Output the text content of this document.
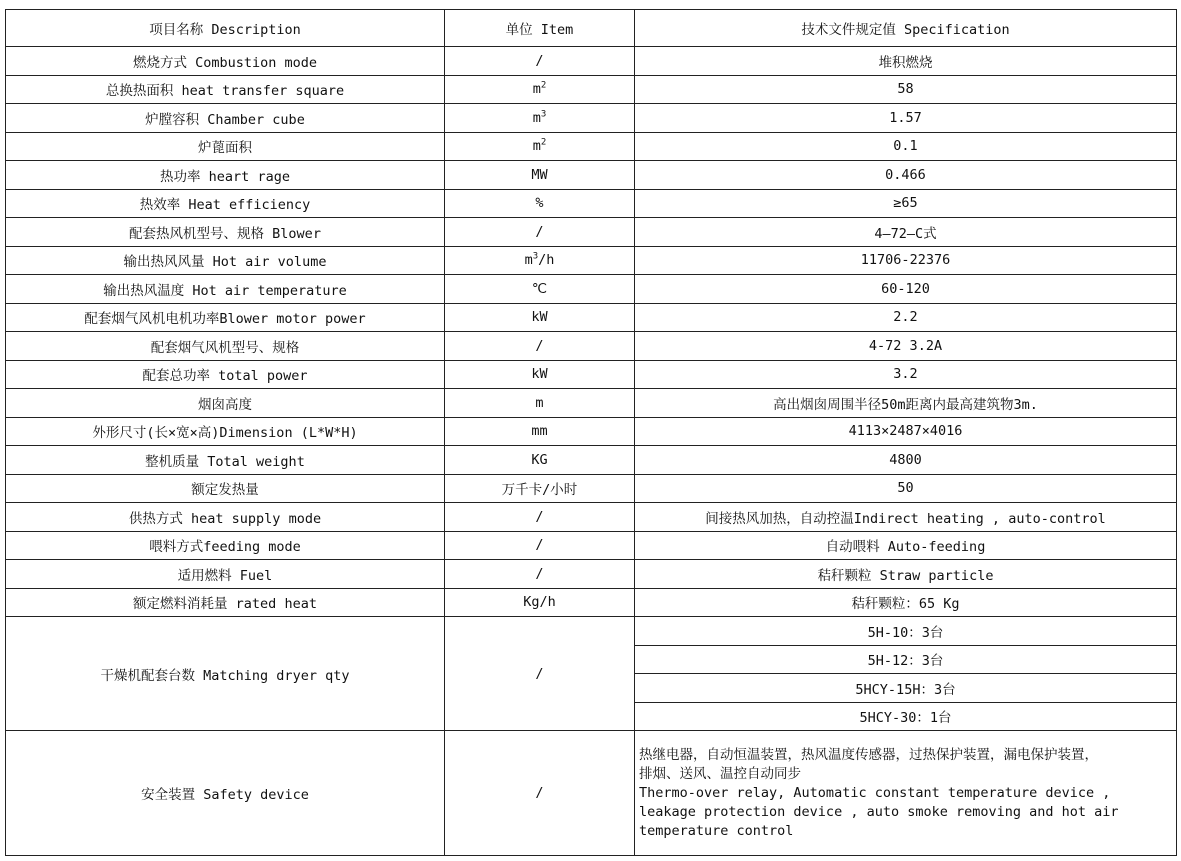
项目名称 Description	单位 Item	技术文件规定值 Specification
燃烧方式 Combustion mode	/	堆积燃烧
总换热面积 heat transfer square	$m^2$	58
炉膛容积 Chamber cube	$m^3$	1.57
炉蓖面积	$m^2$	0.1
热功率 heart rage	MW	0.466
热效率 Heat efficiency	%	≥65
配套热风机型号、规格 Blower	/	4—72—C式
输出热风风量 Hot air volume	$m^3/h$	11706-22376
输出热风温度 Hot air temperature	℃	60-120
配套烟气风机电机功率Blower motor power	kW	2.2
配套烟气风机型号、规格	/	4-72 3.2A
配套总功率 total power	kW	3.2
烟囱高度	m	高出烟囱周围半径50m距离内最高建筑物3m.
外形尺寸(长×宽×高)Dimension (L*W*H)	mm	4113×2487×4016
整机质量 Total weight	KG	4800
额定发热量	万千卡/小时	50
供热方式 heat supply mode	/	间接热风加热，自动控温Indirect heating , auto-control
喂料方式feeding mode	/	自动喂料 Auto-feeding
适用燃料 Fuel	/	秸秆颗粒 Straw particle
额定燃料消耗量 rated heat	Kg/h	秸秆颗粒：65 Kg
干燥机配套台数 Matching dryer qty	/	5H-10：3台
		5H-12：3台
		5HCY-15H：3台
		5HCY-30：1台
安全装置 Safety device	/	热继电器，自动恒温装置，热风温度传感器，过热保护装置，漏电保护装置，
排烟、送风、温控自动同步
Thermo-over relay, Automatic constant temperature device ,
leakage protection device , auto smoke removing and hot air
temperature control
